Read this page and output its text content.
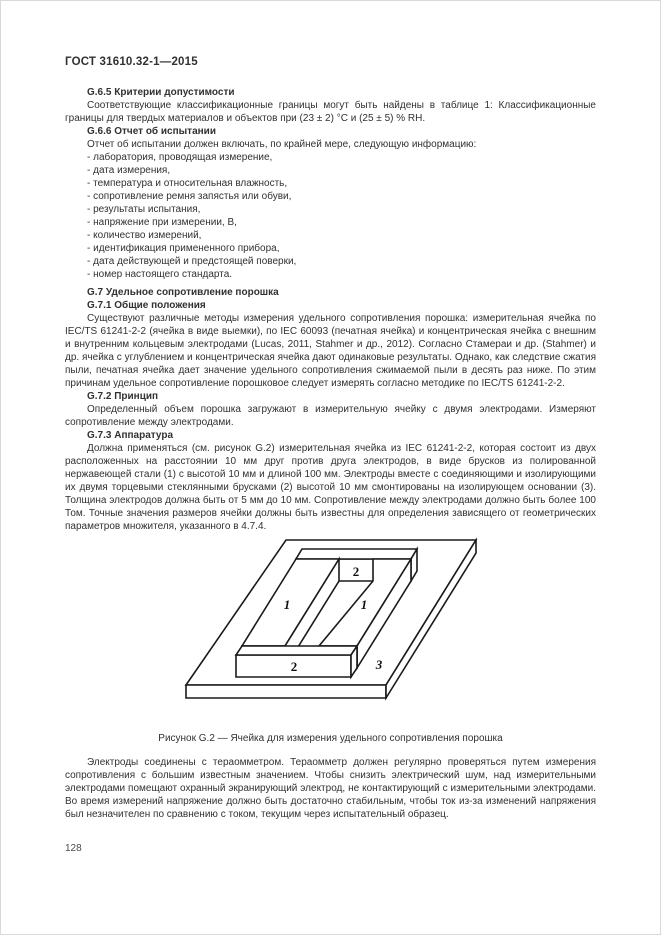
ГОСТ 31610.32-1—2015
G.6.5 Критерии допустимости
Соответствующие классификационные границы могут быть найдены в таблице 1: Классификационные границы для твердых материалов и объектов при (23 ± 2) °C и (25 ± 5) % RH.
G.6.6 Отчет об испытании
Отчет об испытании должен включать, по крайней мере, следующую информацию:
- лаборатория, проводящая измерение,
- дата измерения,
- температура и относительная влажность,
- сопротивление ремня запястья или обуви,
- результаты испытания,
- напряжение при измерении, В,
- количество измерений,
- идентификация примененного прибора,
- дата действующей и предстоящей поверки,
- номер настоящего стандарта.
G.7 Удельное сопротивление порошка
G.7.1 Общие положения
Существуют различные методы измерения удельного сопротивления порошка: измерительная ячейка по IEC/TS 61241-2-2 (ячейка в виде выемки), по IEC 60093 (печатная ячейка) и концентрическая ячейка с внешним и внутренним кольцевым электродами (Lucas, 2011, Stahmer и др., 2012). Согласно Стамераи и др. (Stahmer) и др. ячейка с углублением и концентрическая ячейка дают одинаковые результаты. Однако, как следствие сжатия пыли, печатная ячейка дает значение удельного сопротивления сжимаемой пыли в десять раз ниже. По этим причинам удельное сопротивление порошковое следует измерять согласно методике по IEC/TS 61241-2-2.
G.7.2 Принцип
Определенный объем порошка загружают в измерительную ячейку с двумя электродами. Измеряют сопротивление между электродами.
G.7.3 Аппаратура
Должна применяться (см. рисунок G.2) измерительная ячейка из IEC 61241-2-2, которая состоит из двух расположенных на расстоянии 10 мм друг против друга электродов, в виде брусков из полированной нержавеющей стали (1) с высотой 10 мм и длиной 100 мм. Электроды вместе с соединяющими и изолирующими их двумя торцевыми стеклянными брусками (2) высотой 10 мм смонтированы на изолирующем основании (3). Толщина электродов должна быть от 5 мм до 10 мм. Сопротивление между электродами должно быть более 100 Том. Точные значения размеров ячейки должны быть известны для определения зависящего от геометрических параметров множителя, указанного в 4.7.4.
1	1
2
2	3
Рисунок G.2 — Ячейка для измерения удельного сопротивления порошка
Электроды соединены с тераомметром. Тераомметр должен регулярно проверяться путем измерения сопротивления с большим известным значением. Чтобы снизить электрический шум, над измерительными электродами помещают охранный экранирующий электрод, не контактирующий с измерительными электродами. Во время измерений напряжение должно быть достаточно стабильным, чтобы ток из-за изменений напряжения был незначителен по сравнению с током, текущим через испытательный образец.
128
